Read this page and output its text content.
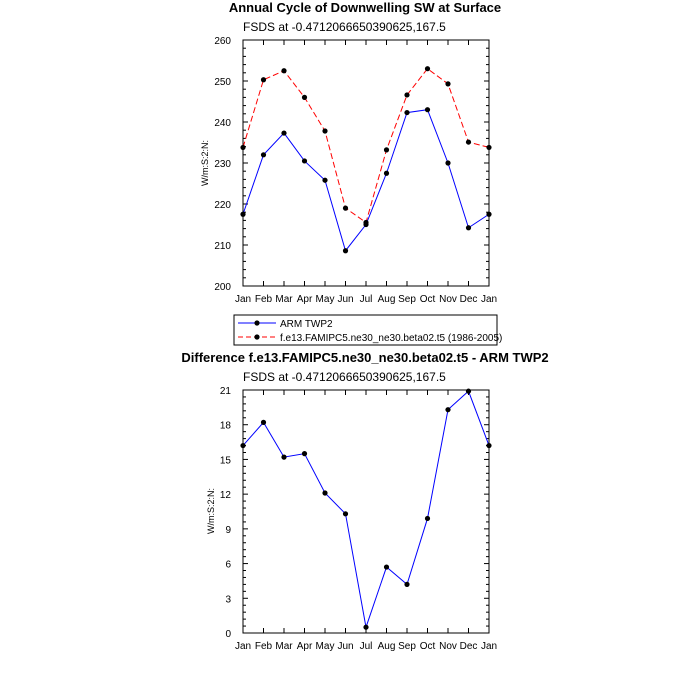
Annual Cycle of Downwelling SW at Surface
FSDS at -0.4712066650390625,167.5
W/m:S:2:N:
Jan Feb Mar Apr May Jun Jul Aug Sep Oct Nov Dec Jan
200
210
220
230
240
250
260
ARM TWP2
f.e13.FAMIPC5.ne30_ne30.beta02.t5 (1986-2005)
Difference f.e13.FAMIPC5.ne30_ne30.beta02.t5 - ARM TWP2
FSDS at -0.4712066650390625,167.5
W/m:S:2:N:
Jan Feb Mar Apr May Jun Jul Aug Sep Oct Nov Dec Jan
0
3
6
9
12
15
18
21
